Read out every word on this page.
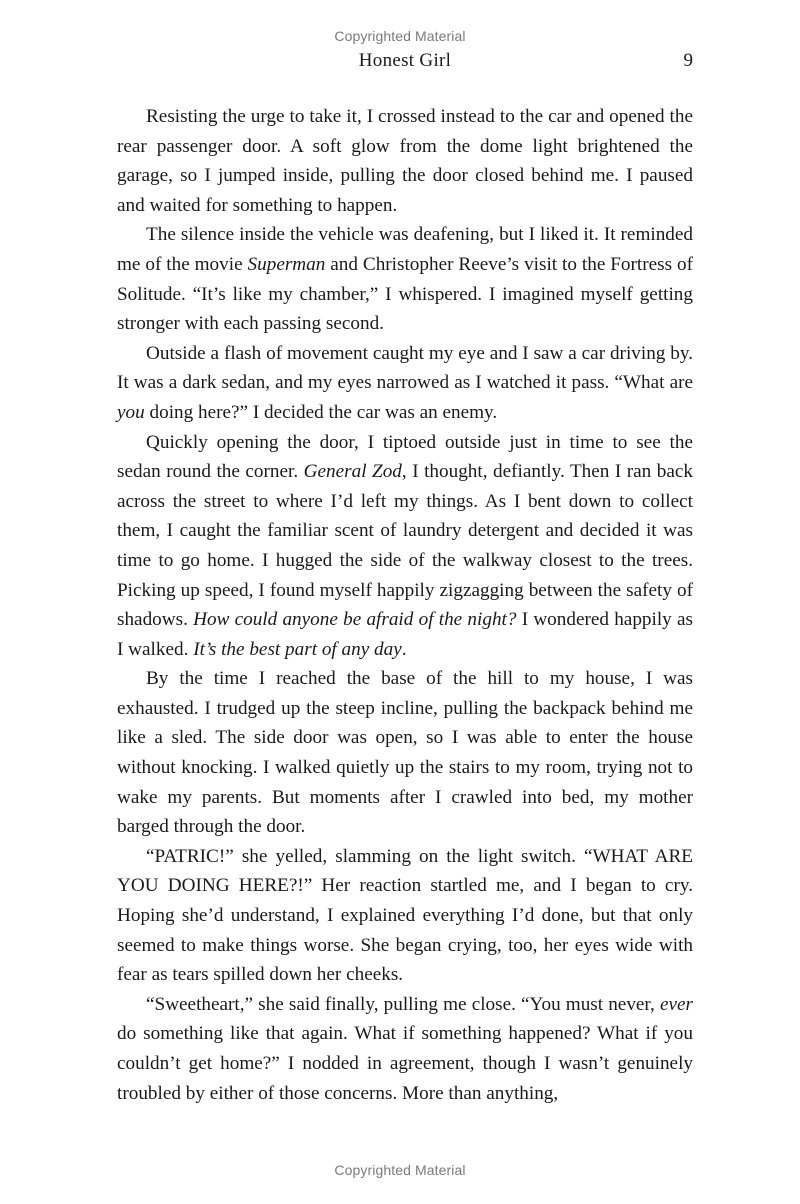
Copyrighted Material
Honest Girl	9

Resisting the urge to take it, I crossed instead to the car and opened the rear passenger door. A soft glow from the dome light brightened the garage, so I jumped inside, pulling the door closed behind me. I paused and waited for something to happen.

The silence inside the vehicle was deafening, but I liked it. It reminded me of the movie Superman and Christopher Reeve’s visit to the Fortress of Solitude. “It’s like my chamber,” I whispered. I imagined myself getting stronger with each passing second.

Outside a flash of movement caught my eye and I saw a car driving by. It was a dark sedan, and my eyes narrowed as I watched it pass. “What are you doing here?” I decided the car was an enemy.

Quickly opening the door, I tiptoed outside just in time to see the sedan round the corner. General Zod, I thought, defiantly. Then I ran back across the street to where I’d left my things. As I bent down to collect them, I caught the familiar scent of laundry detergent and decided it was time to go home. I hugged the side of the walkway closest to the trees. Picking up speed, I found myself happily zigzagging between the safety of shadows. How could anyone be afraid of the night? I wondered happily as I walked. It’s the best part of any day.

By the time I reached the base of the hill to my house, I was exhausted. I trudged up the steep incline, pulling the backpack behind me like a sled. The side door was open, so I was able to enter the house without knocking. I walked quietly up the stairs to my room, trying not to wake my parents. But moments after I crawled into bed, my mother barged through the door.

“PATRIC!” she yelled, slamming on the light switch. “WHAT ARE YOU DOING HERE?!” Her reaction startled me, and I began to cry. Hoping she’d understand, I explained everything I’d done, but that only seemed to make things worse. She began crying, too, her eyes wide with fear as tears spilled down her cheeks.

“Sweetheart,” she said finally, pulling me close. “You must never, ever do something like that again. What if something happened? What if you couldn’t get home?” I nodded in agreement, though I wasn’t genuinely troubled by either of those concerns. More than anything,

Copyrighted Material
